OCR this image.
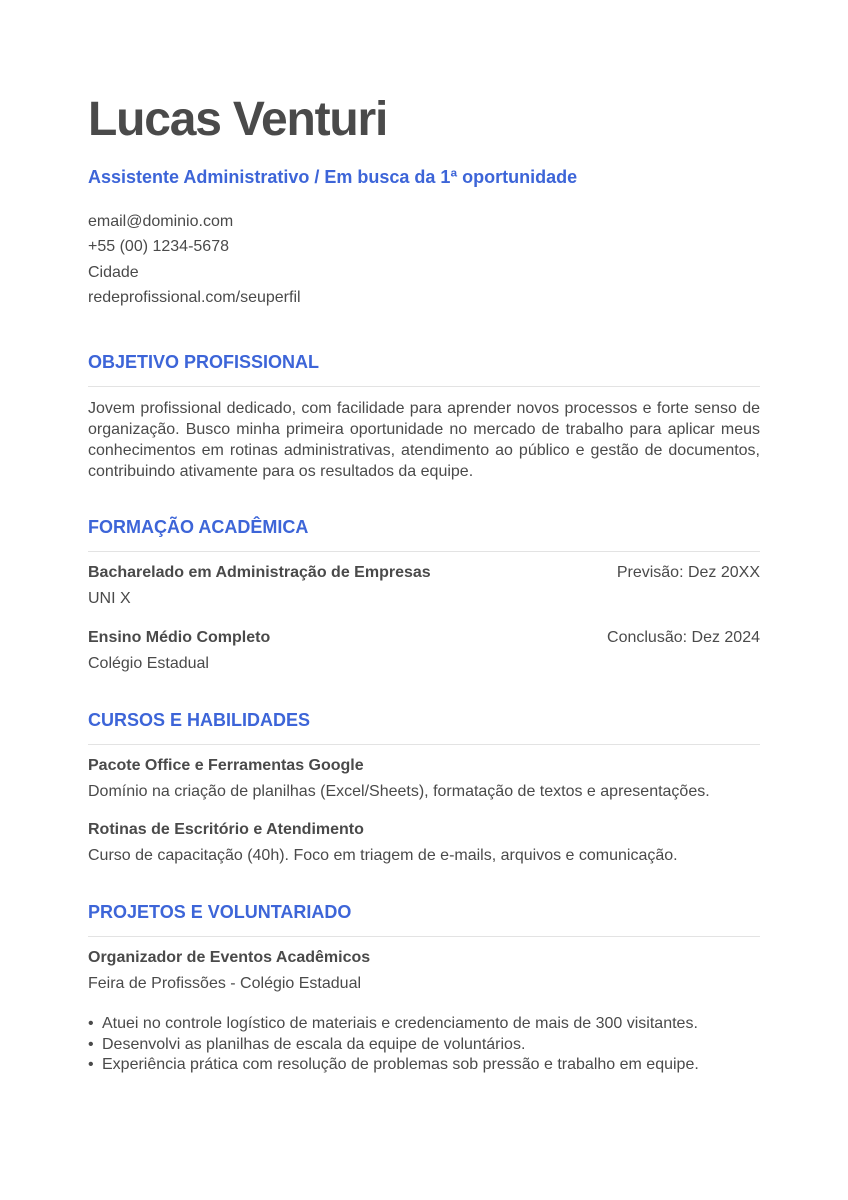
Lucas Venturi
Assistente Administrativo / Em busca da 1ª oportunidade
email@dominio.com
+55 (00) 1234-5678
Cidade
redeprofissional.com/seuperfil
OBJETIVO PROFISSIONAL
Jovem profissional dedicado, com facilidade para aprender novos processos e forte senso de organização. Busco minha primeira oportunidade no mercado de trabalho para aplicar meus conhecimentos em rotinas administrativas, atendimento ao público e gestão de documentos, contribuindo ativamente para os resultados da equipe.
FORMAÇÃO ACADÊMICA
Bacharelado em Administração de Empresas	Previsão: Dez 20XX
UNI X
Ensino Médio Completo	Conclusão: Dez 2024
Colégio Estadual
CURSOS E HABILIDADES
Pacote Office e Ferramentas Google
Domínio na criação de planilhas (Excel/Sheets), formatação de textos e apresentações.
Rotinas de Escritório e Atendimento
Curso de capacitação (40h). Foco em triagem de e-mails, arquivos e comunicação.
PROJETOS E VOLUNTARIADO
Organizador de Eventos Acadêmicos
Feira de Profissões - Colégio Estadual
• Atuei no controle logístico de materiais e credenciamento de mais de 300 visitantes.
• Desenvolvi as planilhas de escala da equipe de voluntários.
• Experiência prática com resolução de problemas sob pressão e trabalho em equipe.
